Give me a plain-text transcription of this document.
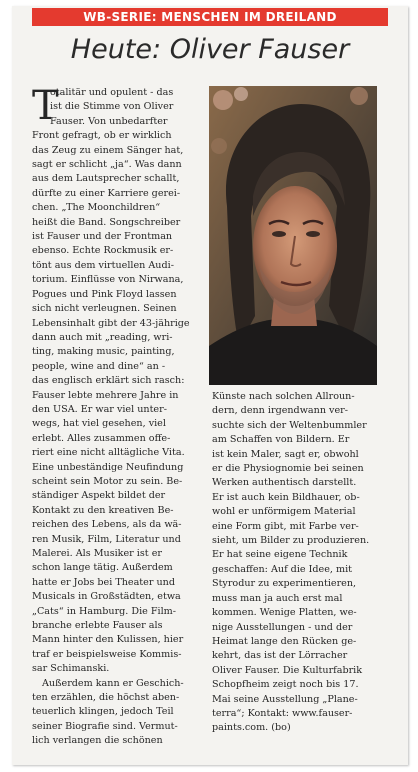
WB-SERIE: MENSCHEN IM DREILAND
Heute: Oliver Fauser
T
otalitär und opulent - das
ist die Stimme von Oliver
Fauser. Von unbedarfter
Front gefragt, ob er wirklich
das Zeug zu einem Sänger hat,
sagt er schlicht „ja“. Was dann
aus dem Lautsprecher schallt,
dürfte zu einer Karriere gerei-
chen. „The Moonchildren“
heißt die Band. Songschreiber
ist Fauser und der Frontman
ebenso. Echte Rockmusik er-
tönt aus dem virtuellen Audi-
torium. Einflüsse von Nirwana,
Pogues und Pink Floyd lassen
sich nicht verleugnen. Seinen
Lebensinhalt gibt der 43-jährige
dann auch mit „reading, wri-
ting, making music, painting,
people, wine and dine“ an -
das englisch erklärt sich rasch:
Fauser lebte mehrere Jahre in
den USA. Er war viel unter-
wegs, hat viel gesehen, viel
erlebt. Alles zusammen offe-
riert eine nicht alltägliche Vita.
Eine unbeständige Neufindung
scheint sein Motor zu sein. Be-
ständiger Aspekt bildet der
Kontakt zu den kreativen Be-
reichen des Lebens, als da wä-
ren Musik, Film, Literatur und
Malerei. Als Musiker ist er
schon lange tätig. Außerdem
hatte er Jobs bei Theater und
Musicals in Großstädten, etwa
„Cats“ in Hamburg. Die Film-
branche erlebte Fauser als
Mann hinter den Kulissen, hier
traf er beispielsweise Kommis-
sar Schimanski.
Außerdem kann er Geschich-
ten erzählen, die höchst aben-
teuerlich klingen, jedoch Teil
seiner Biografie sind. Vermut-
lich verlangen die schönen
Künste nach solchen Allroun-
dern, denn irgendwann ver-
suchte sich der Weltenbummler
am Schaffen von Bildern. Er
ist kein Maler, sagt er, obwohl
er die Physiognomie bei seinen
Werken authentisch darstellt.
Er ist auch kein Bildhauer, ob-
wohl er unförmigem Material
eine Form gibt, mit Farbe ver-
sieht, um Bilder zu produzieren.
Er hat seine eigene Technik
geschaffen: Auf die Idee, mit
Styrodur zu experimentieren,
muss man ja auch erst mal
kommen. Wenige Platten, we-
nige Ausstellungen - und der
Heimat lange den Rücken ge-
kehrt, das ist der Lörracher
Oliver Fauser. Die Kulturfabrik
Schopfheim zeigt noch bis 17.
Mai seine Ausstellung „Plane-
terra“; Kontakt: www.fauser-
paints.com. (bo)
